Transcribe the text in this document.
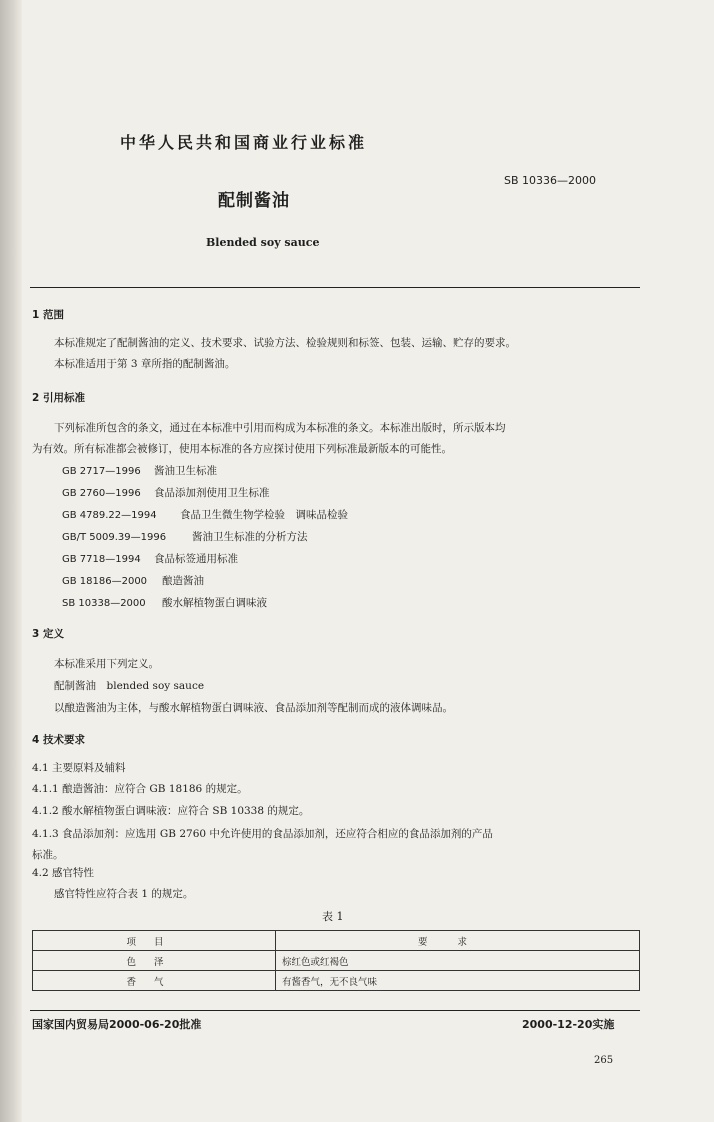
中华人民共和国商业行业标准
SB 10336—2000
配制酱油
Blended soy sauce
1 范围
本标准规定了配制酱油的定义、技术要求、试验方法、检验规则和标签、包装、运输、贮存的要求。
本标准适用于第 3 章所指的配制酱油。
2 引用标准
下列标准所包含的条文，通过在本标准中引用而构成为本标准的条文。本标准出版时，所示版本均
为有效。所有标准都会被修订，使用本标准的各方应探讨使用下列标准最新版本的可能性。
GB 2717—1996 酱油卫生标准
GB 2760—1996 食品添加剂使用卫生标准
GB 4789.22—1994 食品卫生微生物学检验　调味品检验
GB/T 5009.39—1996 酱油卫生标准的分析方法
GB 7718—1994 食品标签通用标准
GB 18186—2000 酿造酱油
SB 10338—2000 酸水解植物蛋白调味液
3 定义
本标准采用下列定义。
配制酱油　blended soy sauce
以酿造酱油为主体，与酸水解植物蛋白调味液、食品添加剂等配制而成的液体调味品。
4 技术要求
4.1 主要原料及辅料
4.1.1 酿造酱油：应符合 GB 18186 的规定。
4.1.2 酸水解植物蛋白调味液：应符合 SB 10338 的规定。
4.1.3 食品添加剂：应选用 GB 2760 中允许使用的食品添加剂，还应符合相应的食品添加剂的产品
标准。
4.2 感官特性
感官特性应符合表 1 的规定。
表 1
项目	要求
色泽	棕红色或红褐色
香气	有酱香气，无不良气味
国家国内贸易局2000-06-20批准	2000-12-20实施
265
